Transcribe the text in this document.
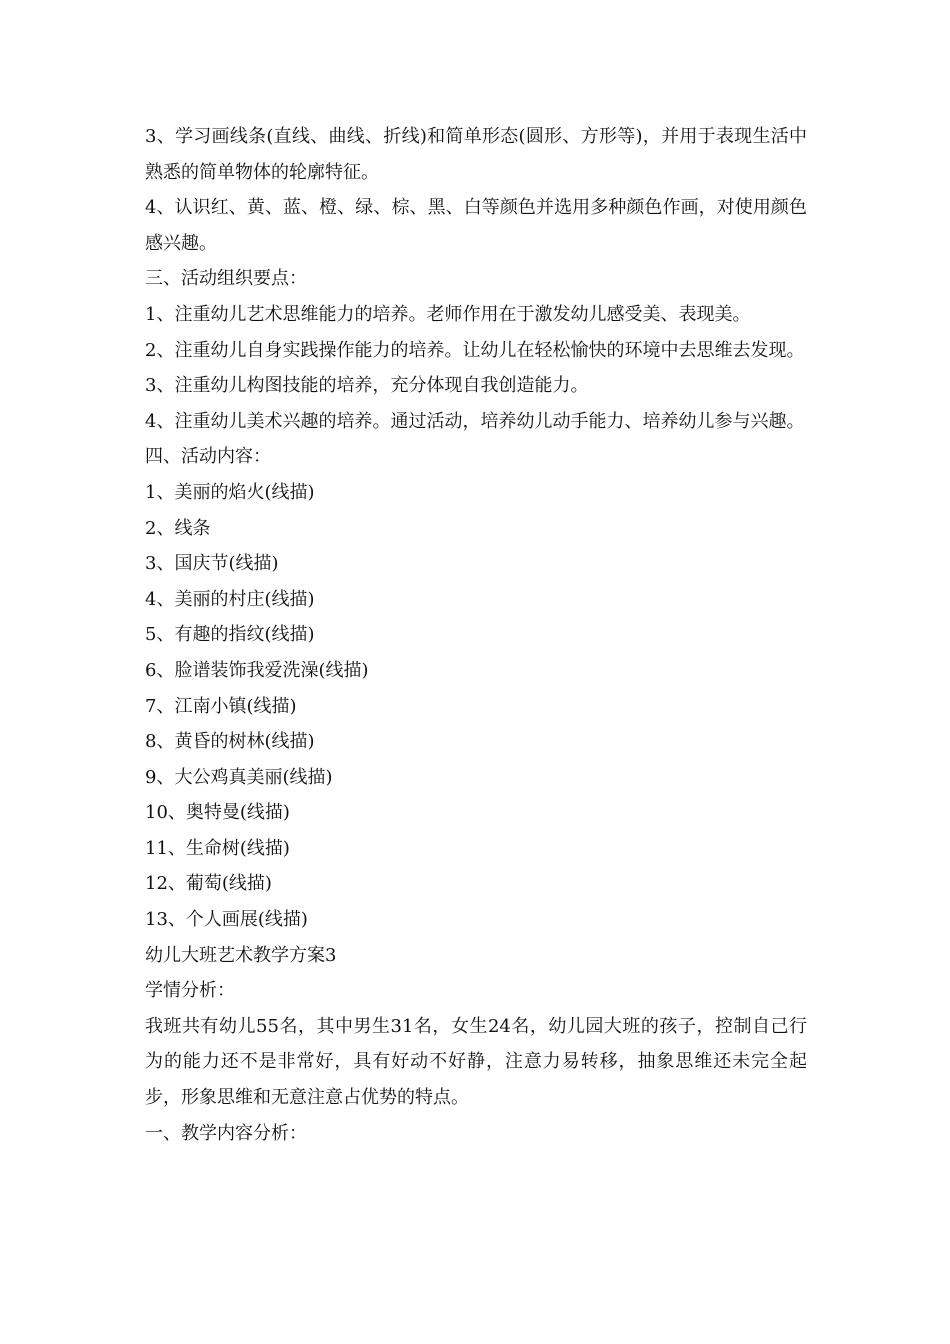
3、学习画线条(直线、曲线、折线)和简单形态(圆形、方形等)，并用于表现生活中熟悉的简单物体的轮廓特征。

4、认识红、黄、蓝、橙、绿、棕、黑、白等颜色并选用多种颜色作画，对使用颜色感兴趣。

三、活动组织要点：

1、注重幼儿艺术思维能力的培养。老师作用在于激发幼儿感受美、表现美。

2、注重幼儿自身实践操作能力的培养。让幼儿在轻松愉快的环境中去思维去发现。

3、注重幼儿构图技能的培养，充分体现自我创造能力。

4、注重幼儿美术兴趣的培养。通过活动，培养幼儿动手能力、培养幼儿参与兴趣。

四、活动内容：

1、美丽的焰火(线描)

2、线条

3、国庆节(线描)

4、美丽的村庄(线描)

5、有趣的指纹(线描)

6、脸谱装饰我爱洗澡(线描)

7、江南小镇(线描)

8、黄昏的树林(线描)

9、大公鸡真美丽(线描)

10、奥特曼(线描)

11、生命树(线描)

12、葡萄(线描)

13、个人画展(线描)

幼儿大班艺术教学方案3

学情分析：

我班共有幼儿55名，其中男生31名，女生24名，幼儿园大班的孩子，控制自己行为的能力还不是非常好，具有好动不好静，注意力易转移，抽象思维还未完全起步，形象思维和无意注意占优势的特点。

一、教学内容分析：
